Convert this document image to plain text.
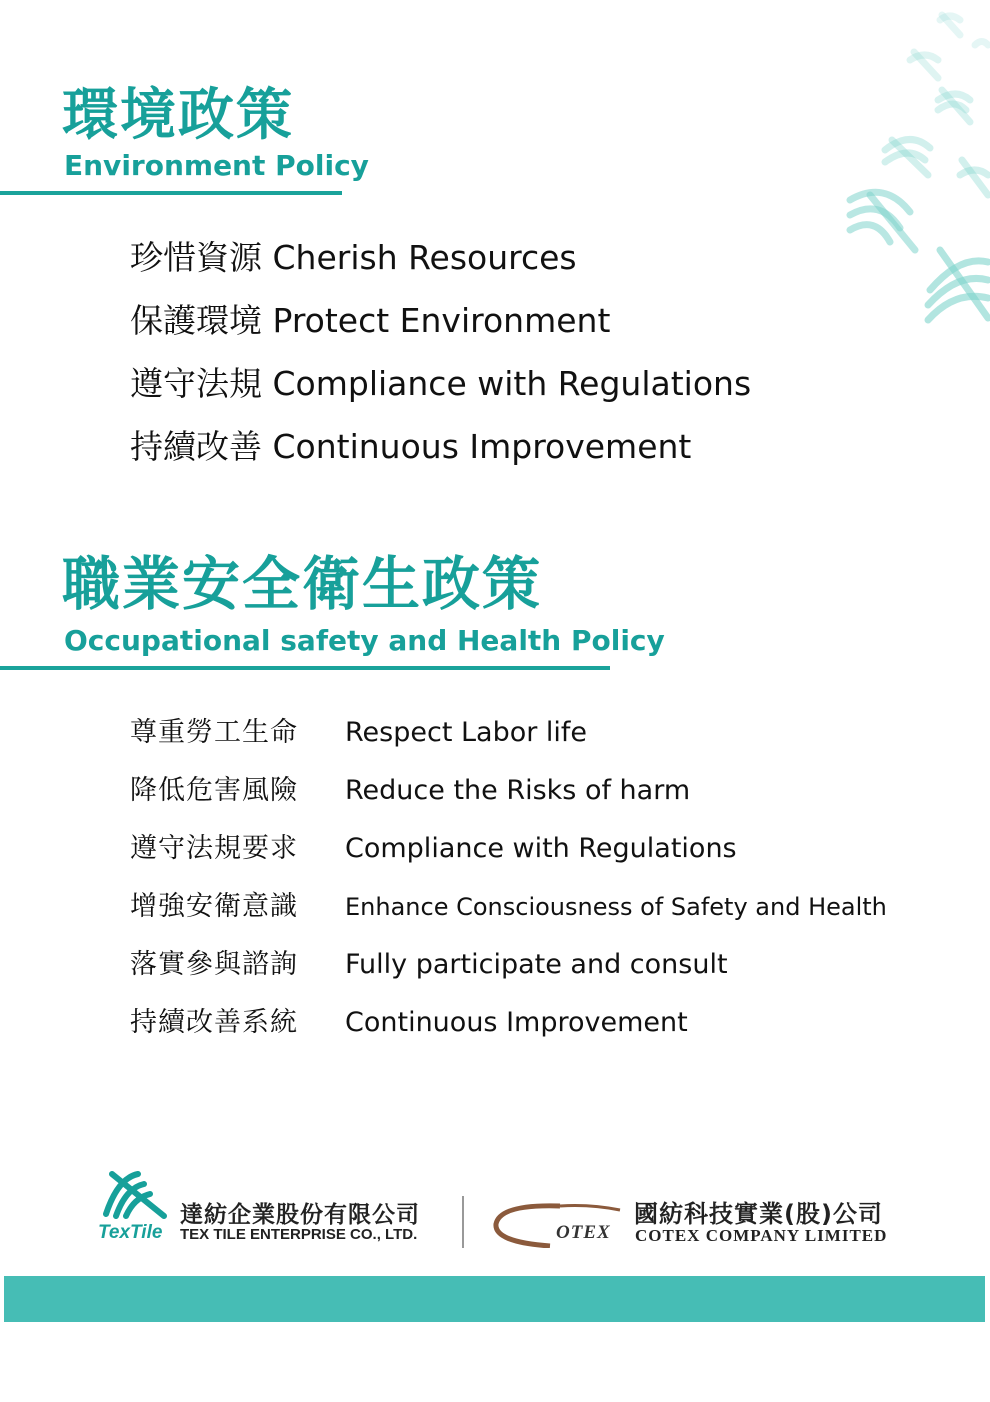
環境政策
Environment Policy
珍惜資源 Cherish Resources
保護環境 Protect Environment
遵守法規 Compliance with Regulations
持續改善 Continuous Improvement
職業安全衛生政策
Occupational safety and Health Policy
尊重勞工生命	Respect Labor life
降低危害風險	Reduce the Risks of harm
遵守法規要求	Compliance with Regulations
增強安衛意識	Enhance Consciousness of Safety and Health
落實參與諮詢	Fully participate and consult
持續改善系統	Continuous Improvement
TexTile
達紡企業股份有限公司
TEX TILE ENTERPRISE CO., LTD.	OTEX
國紡科技實業(股)公司
COTEX COMPANY LIMITED
